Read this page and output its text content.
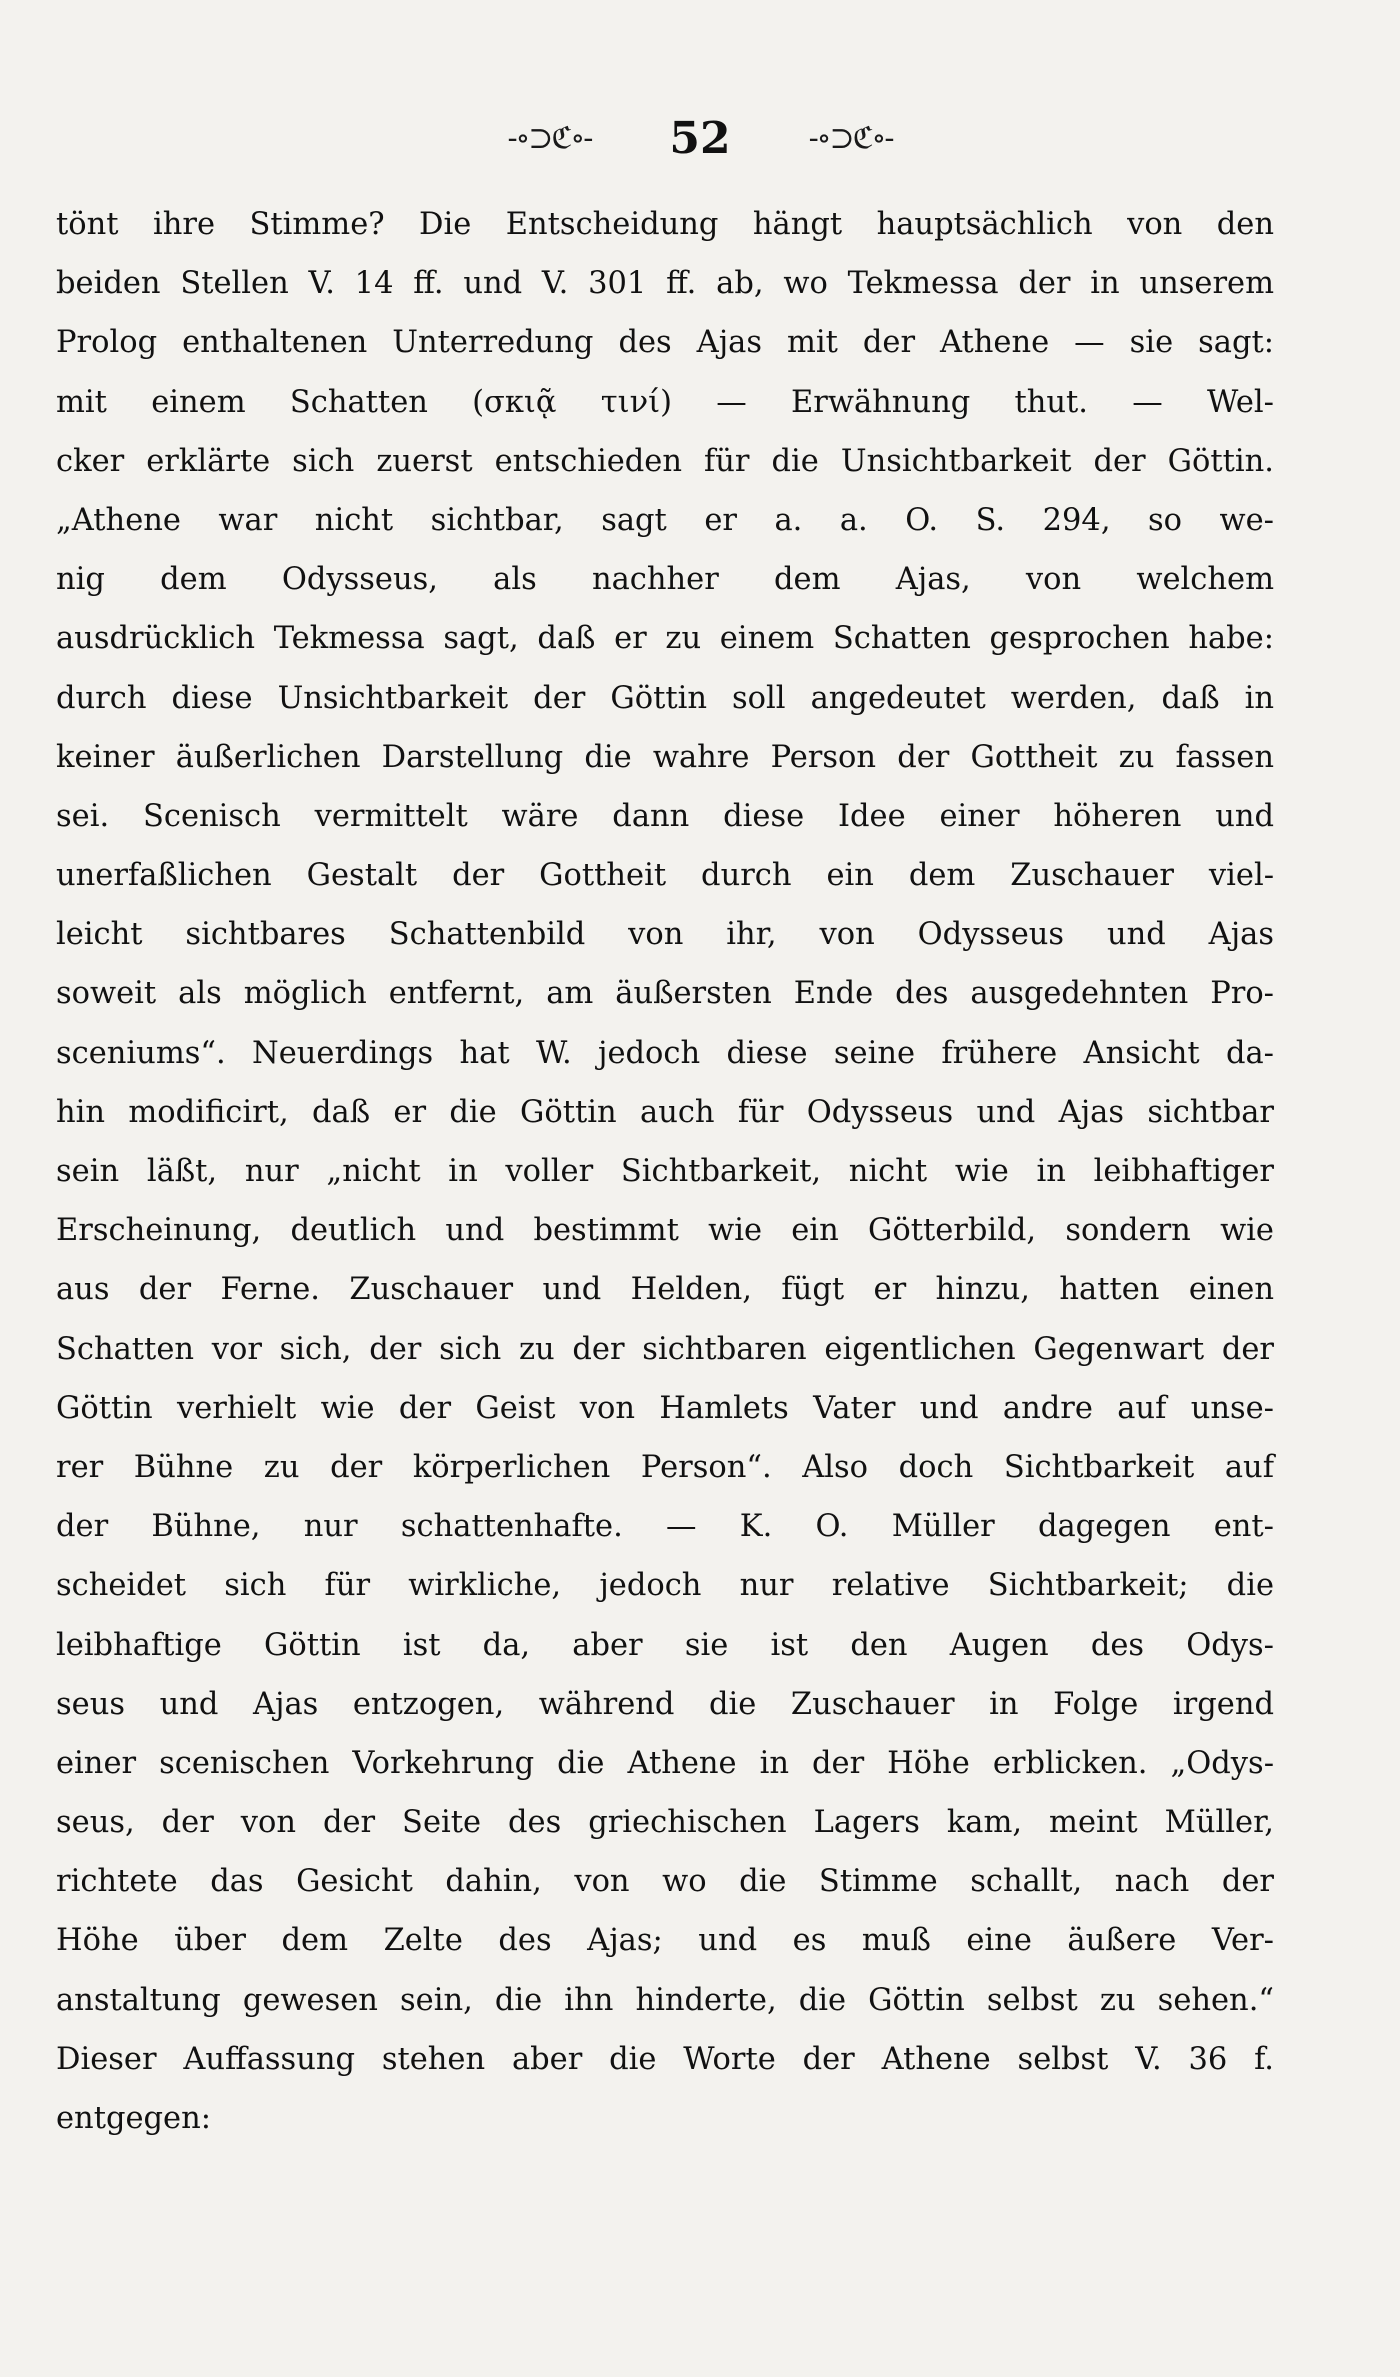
-∘⊃ℭ∘- 52	-∘⊃ℭ∘-
tönt ihre Stimme? Die Entscheidung hängt hauptsächlich von den
beiden Stellen V. 14 ff. und V. 301 ff. ab, wo Tekmessa der in unserem
Prolog enthaltenen Unterredung des Ajas mit der Athene — sie sagt:
mit einem Schatten (σκιᾷ τινί) — Erwähnung thut. — Wel-
cker erklärte sich zuerst entschieden für die Unsichtbarkeit der Göttin.
„Athene war nicht sichtbar, sagt er a. a. O. S. 294, so we-
nig dem Odysseus, als nachher dem Ajas, von welchem
ausdrücklich Tekmessa sagt, daß er zu einem Schatten gesprochen habe:
durch diese Unsichtbarkeit der Göttin soll angedeutet werden, daß in
keiner äußerlichen Darstellung die wahre Person der Gottheit zu fassen
sei. Scenisch vermittelt wäre dann diese Idee einer höheren und
unerfaßlichen Gestalt der Gottheit durch ein dem Zuschauer viel-
leicht sichtbares Schattenbild von ihr, von Odysseus und Ajas
soweit als möglich entfernt, am äußersten Ende des ausgedehnten Pro-
sceniums“. Neuerdings hat W. jedoch diese seine frühere Ansicht da-
hin modificirt, daß er die Göttin auch für Odysseus und Ajas sichtbar
sein läßt, nur „nicht in voller Sichtbarkeit, nicht wie in leibhaftiger
Erscheinung, deutlich und bestimmt wie ein Götterbild, sondern wie
aus der Ferne. Zuschauer und Helden, fügt er hinzu, hatten einen
Schatten vor sich, der sich zu der sichtbaren eigentlichen Gegenwart der
Göttin verhielt wie der Geist von Hamlets Vater und andre auf unse-
rer Bühne zu der körperlichen Person“. Also doch Sichtbarkeit auf
der Bühne, nur schattenhafte. — K. O. Müller dagegen ent-
scheidet sich für wirkliche, jedoch nur relative Sichtbarkeit; die
leibhaftige Göttin ist da, aber sie ist den Augen des Odys-
seus und Ajas entzogen, während die Zuschauer in Folge irgend
einer scenischen Vorkehrung die Athene in der Höhe erblicken. „Odys-
seus, der von der Seite des griechischen Lagers kam, meint Müller,
richtete das Gesicht dahin, von wo die Stimme schallt, nach der
Höhe über dem Zelte des Ajas; und es muß eine äußere Ver-
anstaltung gewesen sein, die ihn hinderte, die Göttin selbst zu sehen.“
Dieser Auffassung stehen aber die Worte der Athene selbst V. 36 f.
entgegen:
